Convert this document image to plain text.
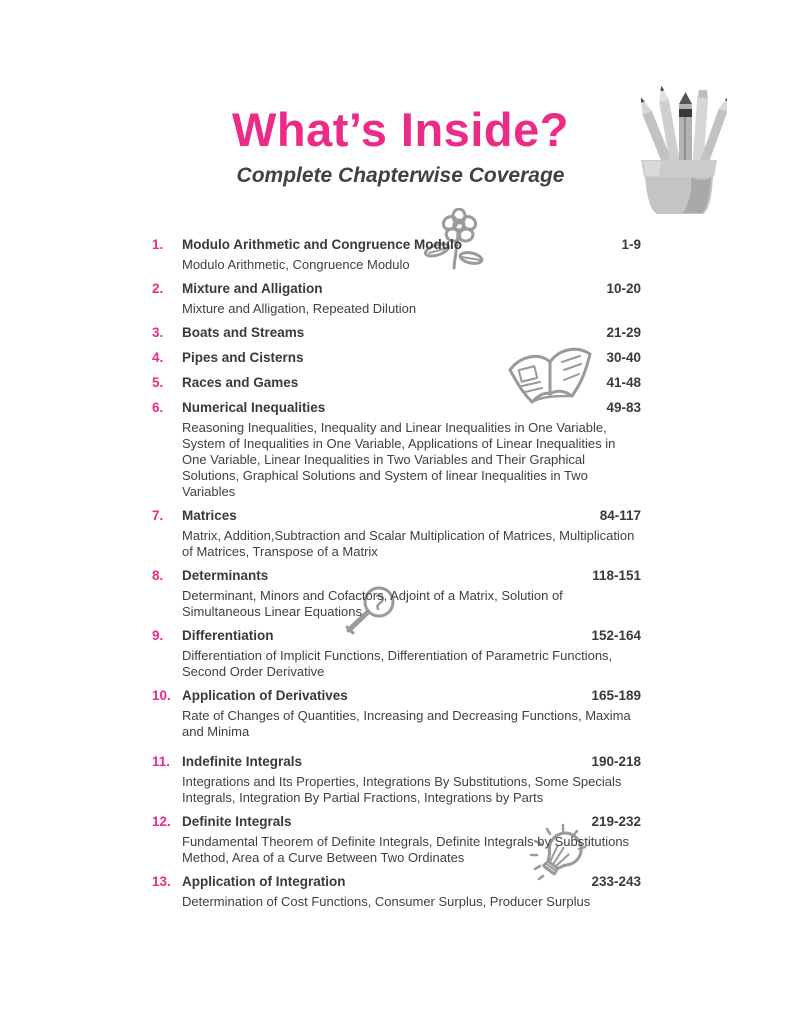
What’s Inside?
Complete Chapterwise Coverage
1.	Modulo Arithmetic and Congruence Modulo	1-9
Modulo Arithmetic, Congruence Modulo
2.	Mixture and Alligation	10-20
Mixture and Alligation, Repeated Dilution
3.	Boats and Streams	21-29
4.	Pipes and Cisterns	30-40
5.	Races and Games	41-48
6.	Numerical Inequalities	49-83
Reasoning Inequalities, Inequality and Linear Inequalities in One Variable, System of Inequalities in One Variable, Applications of Linear Inequalities in One Variable, Linear Inequalities in Two Variables and Their Graphical Solutions, Graphical Solutions and System of linear Inequalities in Two Variables
7.	Matrices	84-117
Matrix, Addition,Subtraction and Scalar Multiplication of Matrices, Multiplication of Matrices, Transpose of a Matrix
8.	Determinants	118-151
Determinant, Minors and Cofactors, Adjoint of a Matrix, Solution of Simultaneous Linear Equations
9.	Differentiation	152-164
Differentiation of Implicit Functions, Differentiation of Parametric Functions, Second Order Derivative
10. Application of Derivatives	165-189
Rate of Changes of Quantities, Increasing and Decreasing Functions, Maxima and Minima
11. Indefinite Integrals	190-218
Integrations and Its Properties, Integrations By Substitutions, Some Specials Integrals, Integration By Partial Fractions, Integrations by Parts
12. Definite Integrals	219-232
Fundamental Theorem of Definite Integrals, Definite Integrals by Substitutions Method, Area of a Curve Between Two Ordinates
13. Application of Integration	233-243
Determination of Cost Functions, Consumer Surplus, Producer Surplus
